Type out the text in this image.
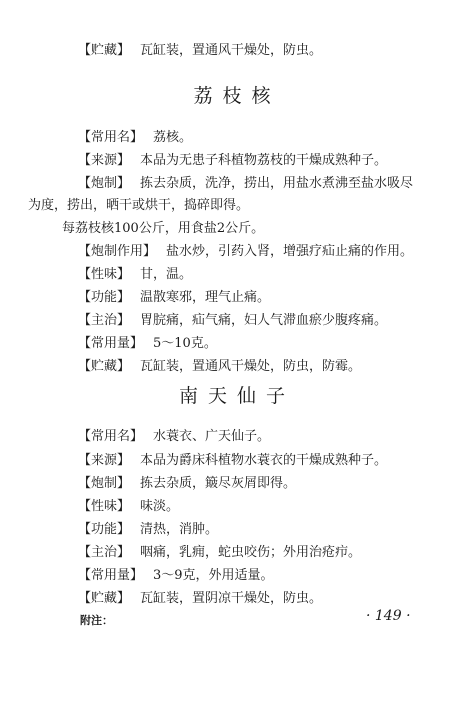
【贮藏】 瓦缸装，置通风干燥处，防虫。
荔枝核
【常用名】 荔核。
【来源】 本品为无患子科植物荔枝的干燥成熟种子。
【炮制】 拣去杂质，洗净，捞出，用盐水煮沸至盐水吸尽
为度，捞出，晒干或烘干，捣碎即得。
每荔枝核100公斤，用食盐2公斤。
【炮制作用】 盐水炒，引药入肾，增强疗疝止痛的作用。
【性味】 甘，温。
【功能】 温散寒邪，理气止痛。
【主治】 胃脘痛，疝气痛，妇人气滞血瘀少腹疼痛。
【常用量】 5～10克。
【贮藏】 瓦缸装，置通风干燥处，防虫，防霉。
南天仙子
【常用名】 水蓑衣、广天仙子。
【来源】 本品为爵床科植物水蓑衣的干燥成熟种子。
【炮制】 拣去杂质，簸尽灰屑即得。
【性味】 味淡。
【功能】 清热，消肿。
【主治】 咽痛，乳痈，蛇虫咬伤；外用治疮疖。
【常用量】 3～9克，外用适量。
【贮藏】 瓦缸装，置阴凉干燥处，防虫。
附注：	· 149 ·
